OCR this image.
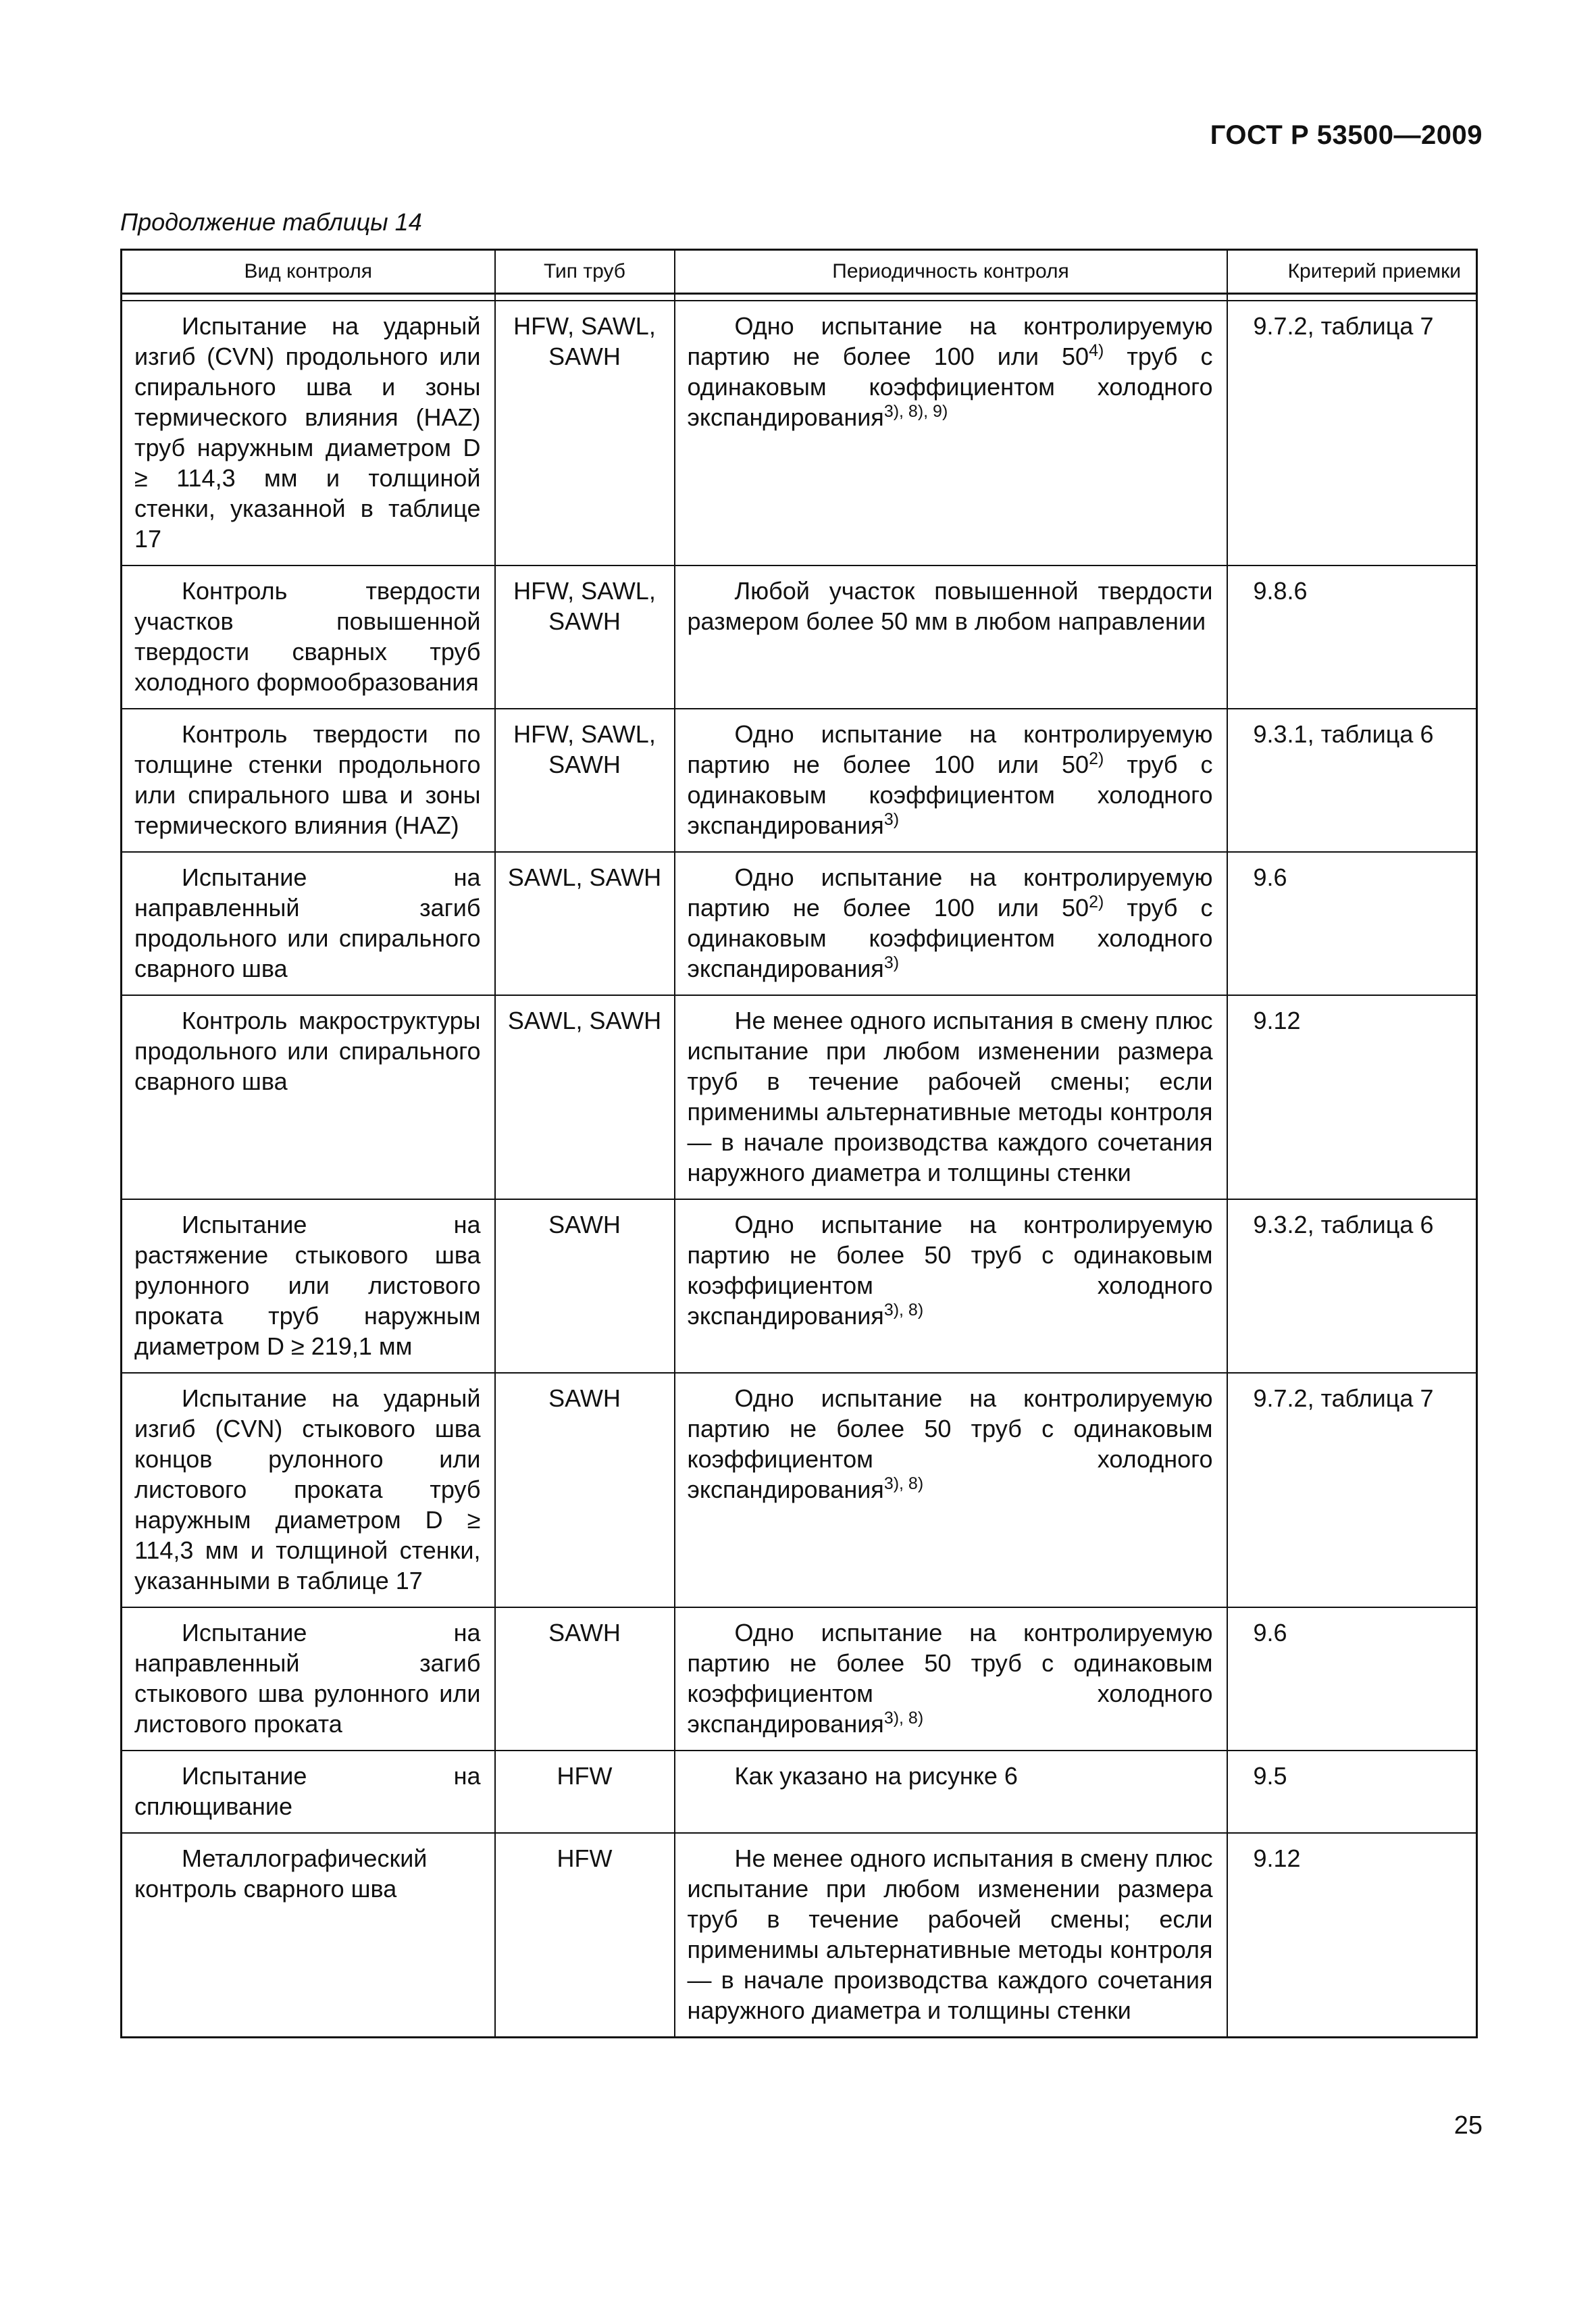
ГОСТ Р 53500—2009
Продолжение таблицы 14
Вид контроля	Тип труб	Периодичность контроля	Критерий приемки

Испытание на ударный изгиб (CVN) продольного или спирального шва и зоны термического влияния (HAZ) труб наружным диаметром D ≥ 114,3 мм и толщиной стенки, указанной в таблице 17	HFW, SAWL, SAWH	Одно испытание на контролируемую партию не более 100 или 50$^{4)}$ труб с одинаковым коэффициентом холодного экспандирования$^{3), 8), 9)}$	9.7.2, таблица 7
Контроль твердости участков повышенной твердости сварных труб холодного формообразования	HFW, SAWL, SAWH	Любой участок повышенной твердости размером более 50 мм в любом направлении	9.8.6
Контроль твердости по толщине стенки продольного или спирального шва и зоны термического влияния (HAZ)	HFW, SAWL, SAWH	Одно испытание на контролируемую партию не более 100 или 50$^{2)}$ труб с одинаковым коэффициентом холодного экспандирования$^{3)}$	9.3.1, таблица 6
Испытание на направленный загиб продольного или спирального сварного шва	SAWL, SAWH	Одно испытание на контролируемую партию не более 100 или 50$^{2)}$ труб с одинаковым коэффициентом холодного экспандирования$^{3)}$	9.6
Контроль макроструктуры продольного или спирального сварного шва	SAWL, SAWH	Не менее одного испытания в смену плюс испытание при любом изменении размера труб в течение рабочей смены; если применимы альтернативные методы контроля — в начале производства каждого сочетания наружного диаметра и толщины стенки	9.12
Испытание на растяжение стыкового шва рулонного или листового проката труб наружным диаметром D ≥ 219,1 мм	SAWH	Одно испытание на контролируемую партию не более 50 труб с одинаковым коэффициентом холодного экспандирования$^{3), 8)}$	9.3.2, таблица 6
Испытание на ударный изгиб (CVN) стыкового шва концов рулонного или листового проката труб наружным диаметром D ≥ 114,3 мм и толщиной стенки, указанными в таблице 17	SAWH	Одно испытание на контролируемую партию не более 50 труб с одинаковым коэффициентом холодного экспандирования$^{3), 8)}$	9.7.2, таблица 7
Испытание на направленный загиб стыкового шва рулонного или листового проката	SAWH	Одно испытание на контролируемую партию не более 50 труб с одинаковым коэффициентом холодного экспандирования$^{3), 8)}$	9.6
Испытание на сплющивание	HFW	Как указано на рисунке 6	9.5
Металлографический контроль сварного шва	HFW	Не менее одного испытания в смену плюс испытание при любом изменении размера труб в течение рабочей смены; если применимы альтернативные методы контроля — в начале производства каждого сочетания наружного диаметра и толщины стенки	9.12
25
